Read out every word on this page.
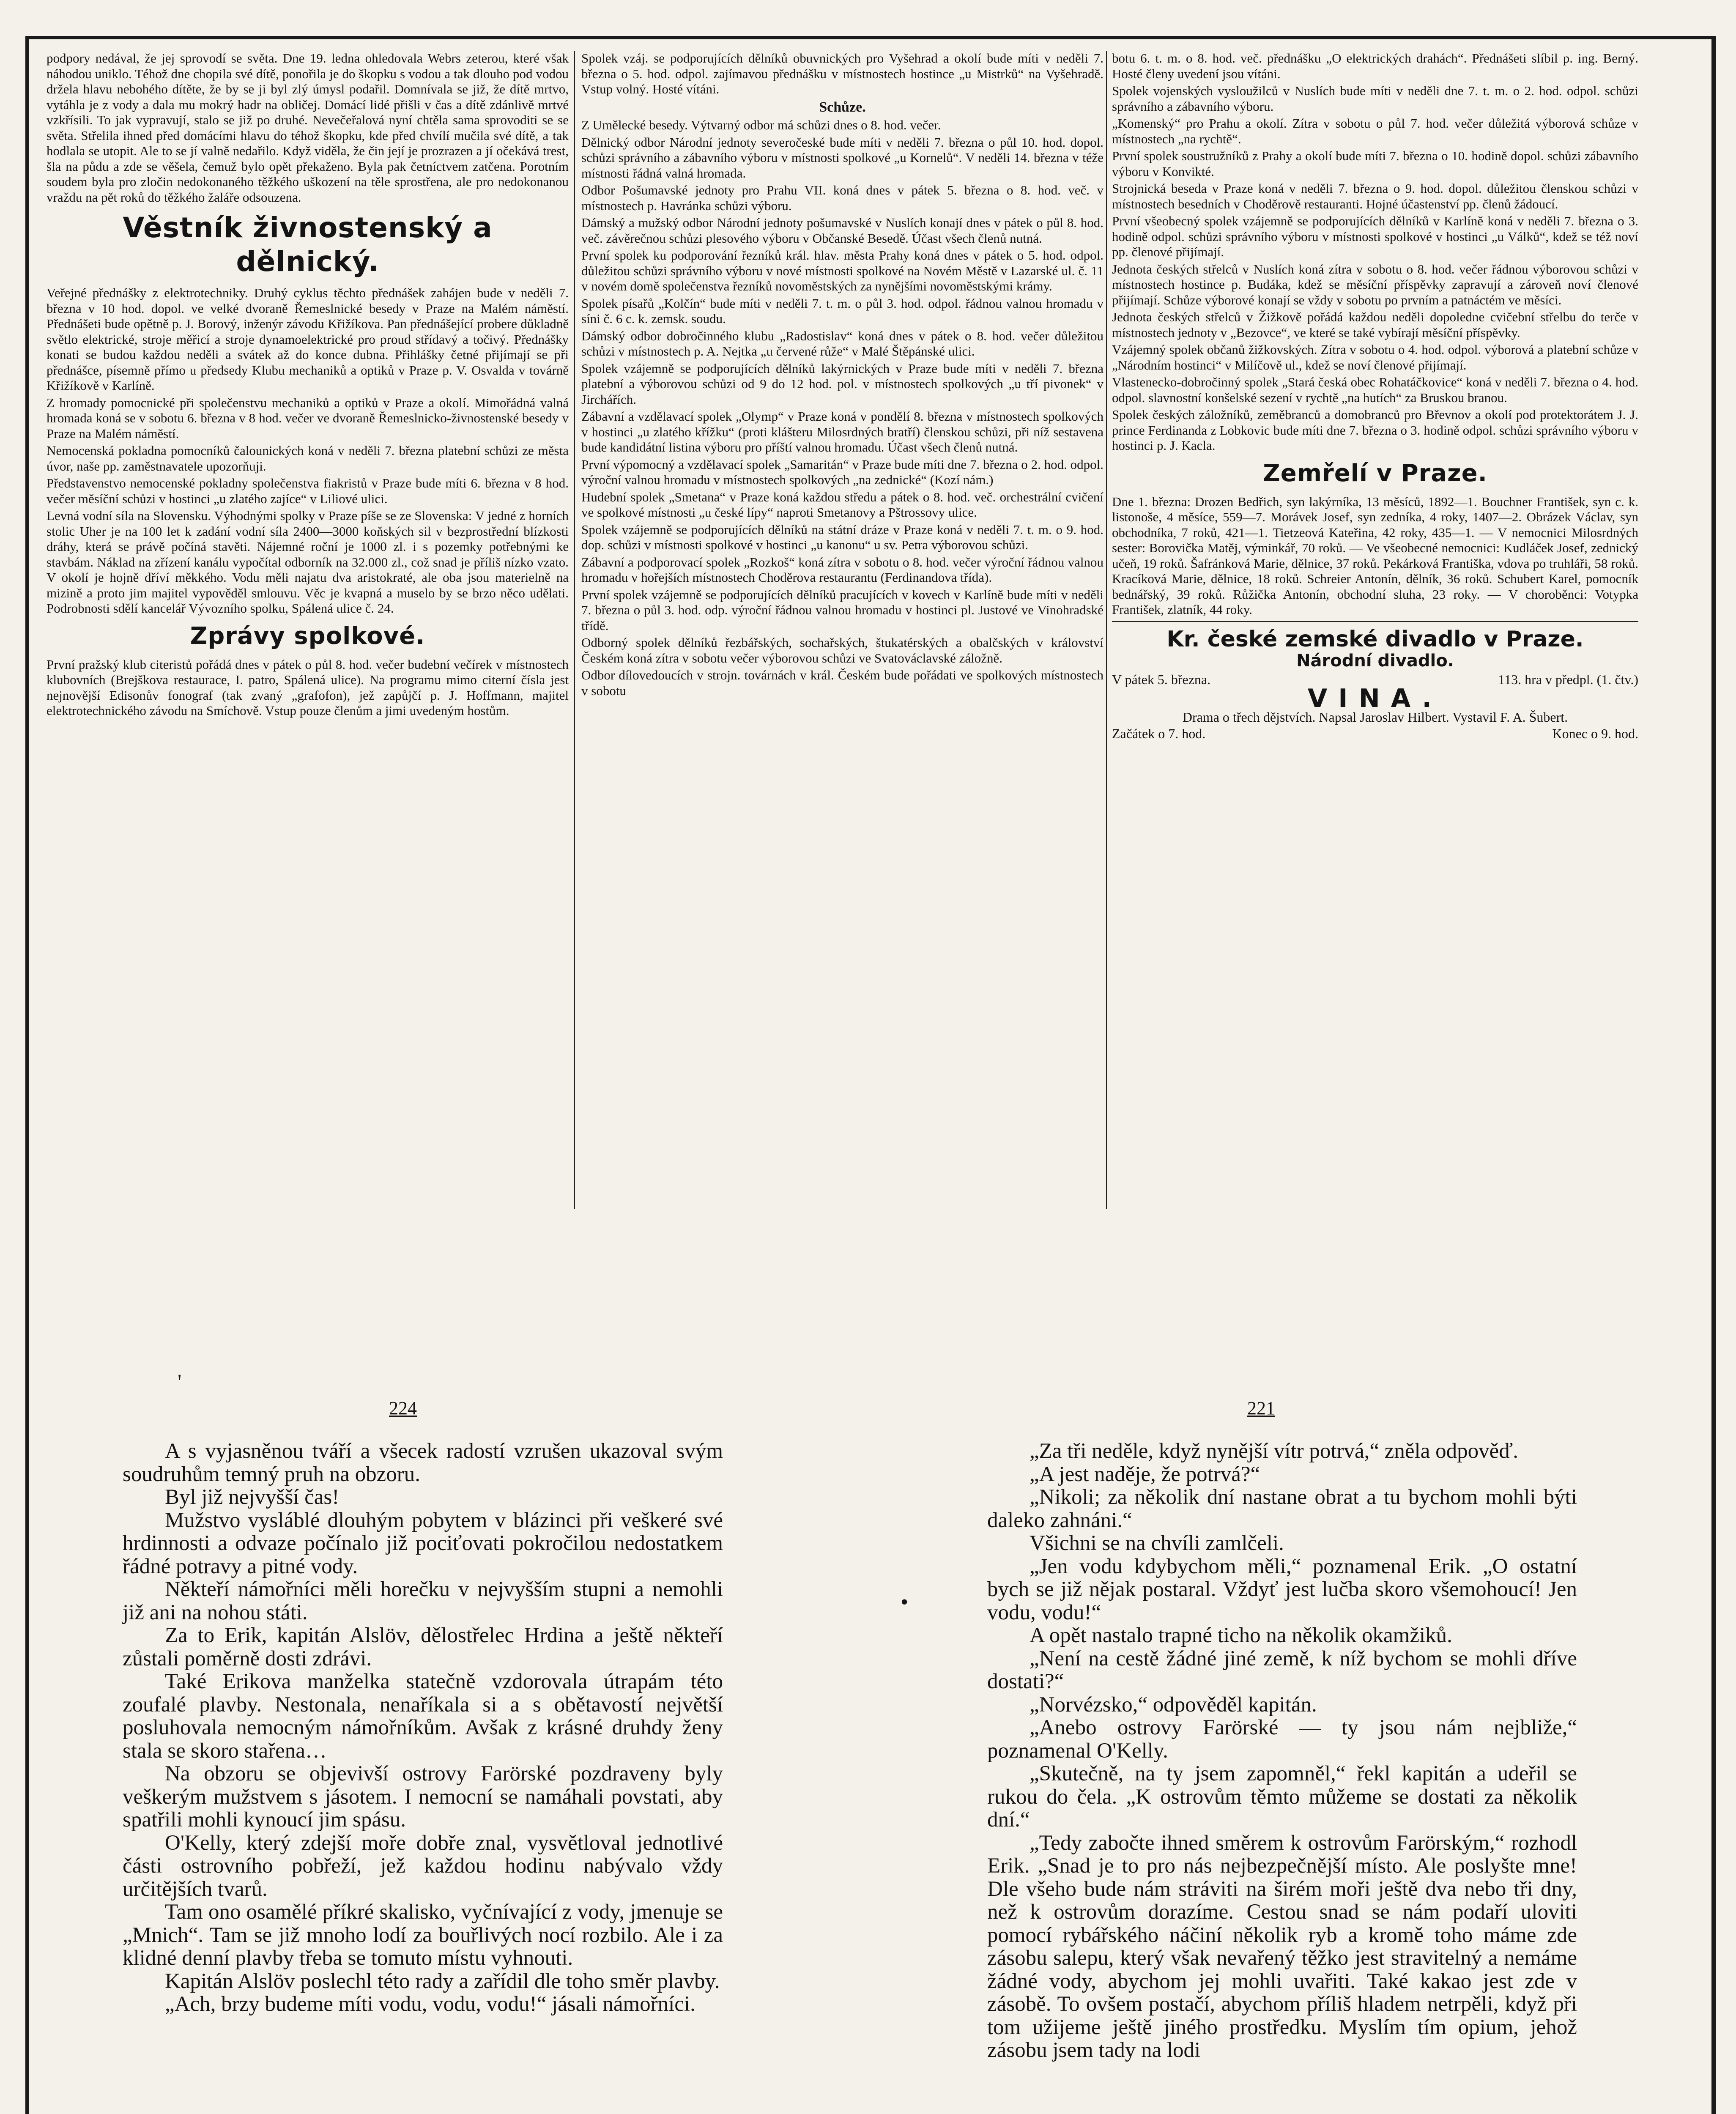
podpory nedával, že jej sprovodí se světa. Dne 19. ledna ohledovala Webrs zeterou, které však náhodou uniklo. Téhož dne chopila své dítě, ponořila je do škopku s vodou a tak dlouho pod vodou držela hlavu nebohého dítěte, že by se ji byl zlý úmysl podařil. Domnívala se již, že dítě mrtvo, vytáhla je z vody a dala mu mokrý hadr na obličej. Domácí lidé přišli v čas a dítě zdánlivě mrtvé vzkřísili. To jak vypravují, stalo se již po druhé. Nevečeřalová nyní chtěla sama sprovoditi se se světa. Střelila ihned před domácími hlavu do téhož škopku, kde před chvílí mučila své dítě, a tak hodlala se utopit. Ale to se jí valně nedařilo. Když viděla, že čin její je prozrazen a jí očekává trest, šla na půdu a zde se věšela, čemuž bylo opět překaženo. Byla pak četníctvem zatčena. Porotním soudem byla pro zločin nedokonaného těžkého uškození na těle sprostřena, ale pro nedokonanou vraždu na pět roků do těžkého žaláře odsouzena.

Věstník živnostenský a dělnický.

Veřejné přednášky z elektrotechniky. Druhý cyklus těchto přednášek zahájen bude v neděli 7. března v 10 hod. dopol. ve velké dvoraně Řemeslnické besedy v Praze na Malém náměstí. Přednášeti bude opětně p. J. Borový, inženýr závodu Křižíkova. Pan přednášející probere důkladně světlo elektrické, stroje měřicí a stroje dynamoelektrické pro proud střídavý a točivý. Přednášky konati se budou každou neděli a svátek až do konce dubna. Přihlášky četné přijímají se při přednášce, písemně přímo u předsedy Klubu mechaniků a optiků v Praze p. V. Osvalda v továrně Křižíkově v Karlíně.

Z hromady pomocnické při společenstvu mechaniků a optiků v Praze a okolí. Mimořádná valná hromada koná se v sobotu 6. března v 8 hod. večer ve dvoraně Řemeslnicko-živnostenské besedy v Praze na Malém náměstí.

Nemocenská pokladna pomocníků čalounických koná v neděli 7. března platební schůzi ze města úvor, naše pp. zaměstnavatele upozorňuji.

Představenstvo nemocenské pokladny společenstva fiakristů v Praze bude míti 6. března v 8 hod. večer měsíční schůzi v hostinci „u zlatého zajíce“ v Liliové ulici.

Levná vodní síla na Slovensku. Výhodnými spolky v Praze píše se ze Slovenska: V jedné z horních stolic Uher je na 100 let k zadání vodní síla 2400—3000 koňských sil v bezprostřední blízkosti dráhy, která se právě počíná stavěti. Nájemné roční je 1000 zl. i s pozemky potřebnými ke stavbám. Náklad na zřízení kanálu vypočítal odborník na 32.000 zl., což snad je příliš nízko vzato. V okolí je hojně dříví měkkého. Vodu měli najatu dva aristokraté, ale oba jsou materielně na mizině a proto jim majitel vypověděl smlouvu. Věc je kvapná a muselo by se brzo něco udělati. Podrobnosti sdělí kancelář Vývozního spolku, Spálená ulice č. 24.

Zprávy spolkové.

První pražský klub citeristů pořádá dnes v pátek o půl 8. hod. večer budební večírek v místnostech klubovních (Brejškova restaurace, I. patro, Spálená ulice). Na programu mimo citerní čísla jest nejnovější Edisonův fonograf (tak zvaný „grafofon), jež zapůjčí p. J. Hoffmann, majitel elektrotechnického závodu na Smíchově. Vstup pouze členům a jimi uvedeným hostům.

Spolek vzáj. se podporujících dělníků obuvnických pro Vyšehrad a okolí bude míti v neděli 7. března o 5. hod. odpol. zajímavou přednášku v místnostech hostince „u Mistrků“ na Vyšehradě. Vstup volný. Hosté vítáni.

Schůze.

Z Umělecké besedy. Výtvarný odbor má schůzi dnes o 8. hod. večer.

Dělnický odbor Národní jednoty severočeské bude míti v neděli 7. března o půl 10. hod. dopol. schůzi správního a zábavního výboru v místnosti spolkové „u Kornelů“. V neděli 14. března v téže místnosti řádná valná hromada.

Odbor Pošumavské jednoty pro Prahu VII. koná dnes v pátek 5. března o 8. hod. več. v místnostech p. Havránka schůzi výboru.

Dámský a mužský odbor Národní jednoty pošumavské v Nuslích konají dnes v pátek o půl 8. hod. več. závěrečnou schůzi plesového výboru v Občanské Besedě. Účast všech členů nutná.

První spolek ku podporování řezníků král. hlav. města Prahy koná dnes v pátek o 5. hod. odpol. důležitou schůzi správního výboru v nové místnosti spolkové na Novém Městě v Lazarské ul. č. 11 v novém domě společenstva řezníků novoměstských za nynějšími novoměstskými krámy.

Spolek písařů „Kolčín“ bude míti v neděli 7. t. m. o půl 3. hod. odpol. řádnou valnou hromadu v síni č. 6 c. k. zemsk. soudu.

Dámský odbor dobročinného klubu „Radostislav“ koná dnes v pátek o 8. hod. večer důležitou schůzi v místnostech p. A. Nejtka „u červené růže“ v Malé Štěpánské ulici.

Spolek vzájemně se podporujících dělníků lakýrnických v Praze bude míti v neděli 7. března platební a výborovou schůzi od 9 do 12 hod. pol. v místnostech spolkových „u tří pivonek“ v Jirchářích.

Zábavní a vzdělavací spolek „Olymp“ v Praze koná v pondělí 8. března v místnostech spolkových v hostinci „u zlatého křížku“ (proti klášteru Milosrdných bratří) členskou schůzi, při níž sestavena bude kandidátní listina výboru pro příští valnou hromadu. Účast všech členů nutná.

První výpomocný a vzdělavací spolek „Samaritán“ v Praze bude míti dne 7. března o 2. hod. odpol. výroční valnou hromadu v místnostech spolkových „na zednické“ (Kozí nám.)

Hudební spolek „Smetana“ v Praze koná každou středu a pátek o 8. hod. več. orchestrální cvičení ve spolkové místnosti „u české lípy“ naproti Smetanovy a Pštrossovy ulice.

Spolek vzájemně se podporujících dělníků na státní dráze v Praze koná v neděli 7. t. m. o 9. hod. dop. schůzi v místnosti spolkové v hostinci „u kanonu“ u sv. Petra výborovou schůzi.

Zábavní a podporovací spolek „Rozkoš“ koná zítra v sobotu o 8. hod. večer výroční řádnou valnou hromadu v hořejších místnostech Choděrova restaurantu (Ferdinandova třída).

První spolek vzájemně se podporujících dělníků pracujících v kovech v Karlíně bude míti v neděli 7. března o půl 3. hod. odp. výroční řádnou valnou hromadu v hostinci pl. Justové ve Vinohradské třídě.

Odborný spolek dělníků řezbářských, sochařských, štukatérských a obalčských v království Českém koná zítra v sobotu večer výborovou schůzi ve Svatováclavské záložně.

Odbor dílovedoucích v strojn. továrnách v král. Českém bude pořádati ve spolkových místnostech v sobotu

botu 6. t. m. o 8. hod. več. přednášku „O elektrických drahách“. Přednášeti slíbil p. ing. Berný. Hosté členy uvedení jsou vítáni.

Spolek vojenských vysloužilců v Nuslích bude míti v neděli dne 7. t. m. o 2. hod. odpol. schůzi správního a zábavního výboru.

„Komenský“ pro Prahu a okolí. Zítra v sobotu o půl 7. hod. večer důležitá výborová schůze v místnostech „na rychtě“.

První spolek soustružníků z Prahy a okolí bude míti 7. března o 10. hodině dopol. schůzi zábavního výboru v Konvikté.

Strojnická beseda v Praze koná v neděli 7. března o 9. hod. dopol. důležitou členskou schůzi v místnostech besedních v Choděrově restauranti. Hojné účastenství pp. členů žádoucí.

První všeobecný spolek vzájemně se podporujících dělníků v Karlíně koná v neděli 7. března o 3. hodině odpol. schůzi správního výboru v místnosti spolkové v hostinci „u Válků“, kdež se též noví pp. členové přijímají.

Jednota českých střelců v Nuslích koná zítra v sobotu o 8. hod. večer řádnou výborovou schůzi v místnostech hostince p. Budáka, kdež se měsíční příspěvky zapravují a zároveň noví členové přijímají. Schůze výborové konají se vždy v sobotu po prvním a patnáctém ve měsíci.

Jednota českých střelců v Žižkově pořádá každou neděli dopoledne cvičební střelbu do terče v místnostech jednoty v „Bezovce“, ve které se také vybírají měsíční příspěvky.

Vzájemný spolek občanů žižkovských. Zítra v sobotu o 4. hod. odpol. výborová a platební schůze v „Národním hostinci“ v Milíčově ul., kdež se noví členové přijímají.

Vlastenecko-dobročinný spolek „Stará česká obec Rohatáčkovice“ koná v neděli 7. března o 4. hod. odpol. slavnostní konšelské sezení v rychtě „na hutích“ za Bruskou branou.

Spolek českých záložníků, zeměbranců a domobranců pro Břevnov a okolí pod protektorátem J. J. prince Ferdinanda z Lobkovic bude míti dne 7. března o 3. hodině odpol. schůzi správního výboru v hostinci p. J. Kacla.

Zemřelí v Praze.

Dne 1. března: Drozen Bedřich, syn lakýrníka, 13 měsíců, 1892—1. Bouchner František, syn c. k. listonoše, 4 měsíce, 559—7. Morávek Josef, syn zedníka, 4 roky, 1407—2. Obrázek Václav, syn obchodníka, 7 roků, 421—1. Tietzeová Kateřina, 42 roky, 435—1. — V nemocnici Milosrdných sester: Borovička Matěj, výminkář, 70 roků. — Ve všeobecné nemocnici: Kudláček Josef, zednický učeň, 19 roků. Šafránková Marie, dělnice, 37 roků. Pekárková Františka, vdova po truhláři, 58 roků. Kracíková Marie, dělnice, 18 roků. Schreier Antonín, dělník, 36 roků. Schubert Karel, pomocník bednářský, 39 roků. Růžička Antonín, obchodní sluha, 23 roky. — V choroběnci: Votypka František, zlatník, 44 roky.

Kr. české zemské divadlo v Praze.
Národní divadlo.
V pátek 5. března.	113. hra v předpl. (1. čtv.)
VINA.
Drama o třech dějstvích. Napsal Jaroslav Hilbert. Vystavil F. A. Šubert.
Začátek o 7. hod.	Konec o 9. hod.
'
224	221

A s vyjasněnou tváří a všecek radostí vzrušen ukazoval svým soudruhům temný pruh na obzoru.

Byl již nejvyšší čas!

Mužstvo vysláblé dlouhým pobytem v blázinci při veškeré své hrdinnosti a odvaze počínalo již pociťovati pokročilou nedostatkem řádné potravy a pitné vody.

Někteří námořníci měli horečku v nejvyšším stupni a nemohli již ani na nohou státi.

Za to Erik, kapitán Alslöv, dělostřelec Hrdina a ještě někteří zůstali poměrně dosti zdrávi.

Také Erikova manželka statečně vzdorovala útrapám této zoufalé plavby. Nestonala, nenaříkala si a s obětavostí největší posluhovala nemocným námořníkům. Avšak z krásné druhdy ženy stala se skoro stařena…

Na obzoru se objevivší ostrovy Farörské pozdraveny byly veškerým mužstvem s jásotem. I nemocní se namáhali povstati, aby spatřili mohli kynoucí jim spásu.

O'Kelly, který zdejší moře dobře znal, vysvětloval jednotlivé části ostrovního pobřeží, jež každou hodinu nabývalo vždy určitějších tvarů.

Tam ono osamělé příkré skalisko, vyčnívající z vody, jmenuje se „Mnich“. Tam se již mnoho lodí za bouřlivých nocí rozbilo. Ale i za klidné denní plavby třeba se tomuto místu vyhnouti.

Kapitán Alslöv poslechl této rady a zařídil dle toho směr plavby.

„Ach, brzy budeme míti vodu, vodu, vodu!“ jásali námořníci.

•

„Za tři neděle, když nynější vítr potrvá,“ zněla odpověď.

„A jest naděje, že potrvá?“

„Nikoli; za několik dní nastane obrat a tu bychom mohli býti daleko zahnáni.“

Všichni se na chvíli zamlčeli.

„Jen vodu kdybychom měli,“ poznamenal Erik. „O ostatní bych se již nějak postaral. Vždyť jest lučba skoro všemohoucí! Jen vodu, vodu!“

A opět nastalo trapné ticho na několik okamžiků.

„Není na cestě žádné jiné země, k níž bychom se mohli dříve dostati?“

„Norvézsko,“ odpověděl kapitán.

„Anebo ostrovy Farörské — ty jsou nám nejbliže,“ poznamenal O'Kelly.

„Skutečně, na ty jsem zapomněl,“ řekl kapitán a udeřil se rukou do čela. „K ostrovům těmto můžeme se dostati za několik dní.“

„Tedy zabočte ihned směrem k ostrovům Farörským,“ rozhodl Erik. „Snad je to pro nás nejbezpečnější místo. Ale poslyšte mne! Dle všeho bude nám stráviti na širém moři ještě dva nebo tři dny, než k ostrovům dorazíme. Cestou snad se nám podaří uloviti pomocí rybářského náčiní několik ryb a kromě toho máme zde zásobu salepu, který však nevařený těžko jest stravitelný a nemáme žádné vody, abychom jej mohli uvařiti. Také kakao jest zde v zásobě. To ovšem postačí, abychom příliš hladem netrpěli, když při tom užijeme ještě jiného prostředku. Myslím tím opium, jehož zásobu jsem tady na lodi
